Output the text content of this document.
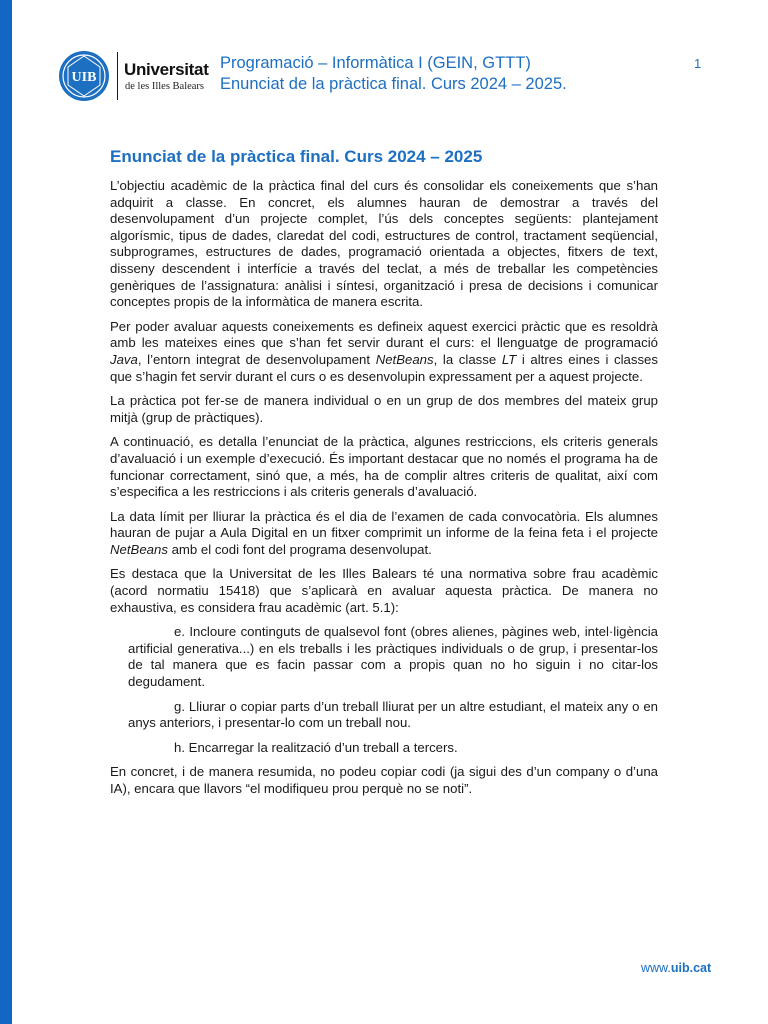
UIB Universitat
de les Illes Balears
Programació – Informàtica I (GEIN, GTTT)
Enunciat de la pràctica final. Curs 2024 – 2025.
1
Enunciat de la pràctica final. Curs 2024 – 2025

L’objectiu acadèmic de la pràctica final del curs és consolidar els coneixements que s’han adquirit a classe. En concret, els alumnes hauran de demostrar a través del desenvolupament d’un projecte complet, l’ús dels conceptes següents: plantejament algorísmic, tipus de dades, claredat del codi, estructures de control, tractament seqüencial, subprogrames, estructures de dades, programació orientada a objectes, fitxers de text, disseny descendent i interfície a través del teclat, a més de treballar les competències genèriques de l’assignatura: anàlisi i síntesi, organització i presa de decisions i comunicar conceptes propis de la informàtica de manera escrita.

Per poder avaluar aquests coneixements es defineix aquest exercici pràctic que es resoldrà amb les mateixes eines que s’han fet servir durant el curs: el llenguatge de programació Java, l’entorn integrat de desenvolupament NetBeans, la classe LT i altres eines i classes que s’hagin fet servir durant el curs o es desenvolupin expressament per a aquest projecte.

La pràctica pot fer-se de manera individual o en un grup de dos membres del mateix grup mitjà (grup de pràctiques).

A continuació, es detalla l’enunciat de la pràctica, algunes restriccions, els criteris generals d’avaluació i un exemple d’execució. És important destacar que no només el programa ha de funcionar correctament, sinó que, a més, ha de complir altres criteris de qualitat, així com s’especifica a les restriccions i als criteris generals d’avaluació.

La data límit per lliurar la pràctica és el dia de l’examen de cada convocatòria. Els alumnes hauran de pujar a Aula Digital en un fitxer comprimit un informe de la feina feta i el projecte NetBeans amb el codi font del programa desenvolupat.

Es destaca que la Universitat de les Illes Balears té una normativa sobre frau acadèmic (acord normatiu 15418) que s’aplicarà en avaluar aquesta pràctica. De manera no exhaustiva, es considera frau acadèmic (art. 5.1):

e. Incloure continguts de qualsevol font (obres alienes, pàgines web, intel·ligència artificial generativa...) en els treballs i les pràctiques individuals o de grup, i presentar-los de tal manera que es facin passar com a propis quan no ho siguin i no citar-los degudament.

g. Lliurar o copiar parts d’un treball lliurat per un altre estudiant, el mateix any o en anys anteriors, i presentar-lo com un treball nou.

h. Encarregar la realització d’un treball a tercers.

En concret, i de manera resumida, no podeu copiar codi (ja sigui des d’un company o d’una IA), encara que llavors “el modifiqueu prou perquè no se noti”.

www.uib.cat
